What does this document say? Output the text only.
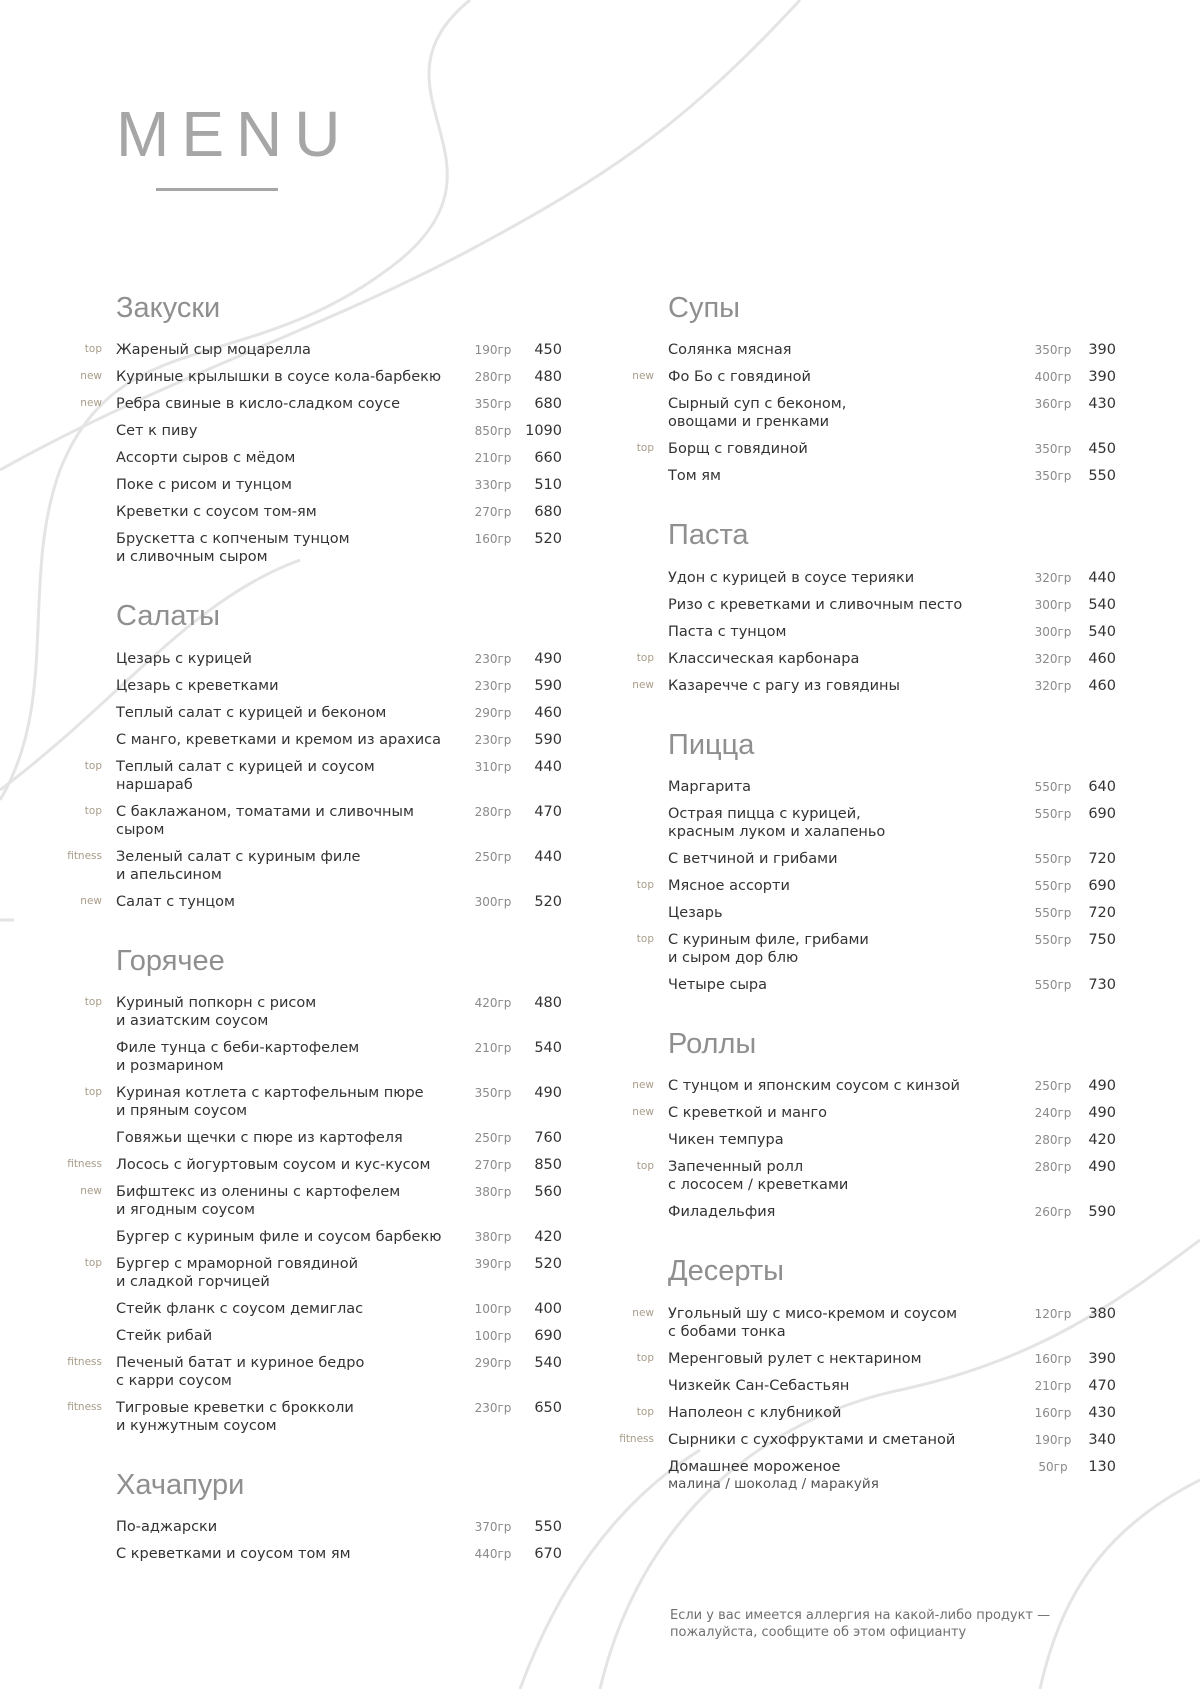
MENU
Закуски
top Жареный сыр моцарелла	190гр	450
new Куриные крылышки в соусе кола-барбекю	280гр	480
new Ребра свиные в кисло-сладком соусе	350гр	680
Сет к пиву	850гр 1090
Ассорти сыров с мёдом	210гр	660
Поке с рисом и тунцом	330гр	510
Креветки с соусом том-ям	270гр	680
Брускетта с копченым тунцом
и сливочным сыром
160гр	520
Салаты
Цезарь с курицей	230гр	490
Цезарь с креветками	230гр	590
Теплый салат с курицей и беконом	290гр	460
С манго, креветками и кремом из арахиса	230гр	590
top Теплый салат с курицей и соусом наршараб
310гр	440
top С баклажаном, томатами и сливочным сыром
280гр	470
fitness Зеленый салат с куриным филе
и апельсином
250гр	440
new Салат с тунцом	300гр	520
Горячее
top Куриный попкорн с рисом
и азиатским соусом
420гр	480
Филе тунца с беби-картофелем
и розмарином
210гр	540
top Куриная котлета с картофельным пюре
и пряным соусом
350гр	490
Говяжьи щечки с пюре из картофеля	250гр	760
fitness Лосось с йогуртовым соусом и кус-кусом	270гр	850
new Бифштекс из оленины с картофелем
и ягодным соусом
380гр	560
Бургер с куриным филе и соусом барбекю	380гр	420
top Бургер с мраморной говядиной
и сладкой горчицей
390гр	520
Стейк фланк с соусом демиглас	100гр	400
Стейк рибай	100гр	690
fitness Печеный батат и куриное бедро
с карри соусом
290гр	540
fitness Тигровые креветки с брокколи
и кунжутным соусом
230гр	650
Хачапури
По-аджарски	370гр	550
С креветками и соусом том ям	440гр	670
Супы
Солянка мясная	350гр	390
new Фо Бо с говядиной	400гр	390
Сырный суп с беконом,
овощами и гренками
360гр	430
top Борщ с говядиной	350гр	450
Том ям	350гр	550
Паста
Удон с курицей в соусе терияки	320гр	440
Ризо с креветками и сливочным песто	300гр	540
Паста с тунцом	300гр	540
top Классическая карбонара	320гр	460
new Казаречче с рагу из говядины	320гр	460
Пицца
Маргарита	550гр	640
Острая пицца с курицей,
красным луком и халапеньо
550гр	690
С ветчиной и грибами	550гр	720
top Мясное ассорти	550гр	690
Цезарь	550гр	720
top С куриным филе, грибами
и сыром дор блю
550гр	750
Четыре сыра	550гр	730
Роллы
new С тунцом и японским соусом с кинзой	250гр	490
new С креветкой и манго	240гр	490
Чикен темпура	280гр	420
top Запеченный ролл
с лососем / креветками
280гр	490
Филадельфия	260гр	590
Десерты
new Угольный шу с мисо-кремом и соусом
с бобами тонка
120гр	380
top Меренговый рулет с нектарином	160гр	390
Чизкейк Сан-Себастьян	210гр	470
top Наполеон с клубникой	160гр	430
fitness Сырники с сухофруктами и сметаной	190гр	340
Домашнее мороженое
малина / шоколад / маракуйя
50гр	130
Если у вас имеется аллергия на какой-либо продукт —
пожалуйста, сообщите об этом официанту
